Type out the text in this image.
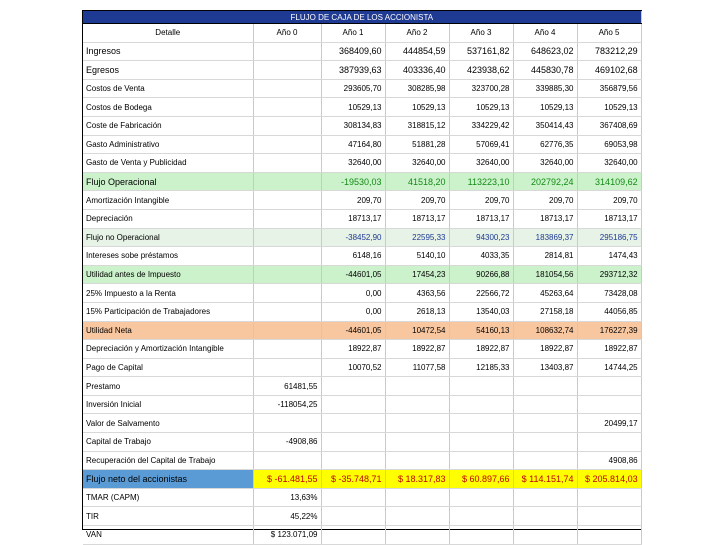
FLUJO DE CAJA DE LOS ACCIONISTA						
Detalle	Año 0	Año 1	Año 2	Año 3	Año 4	Año 5
Ingresos		368409,60	444854,59	537161,82	648623,02	783212,29
Egresos		387939,63	403336,40	423938,62	445830,78	469102,68
Costos de Venta		293605,70	308285,98	323700,28	339885,30	356879,56
Costos de Bodega		10529,13	10529,13	10529,13	10529,13	10529,13
Coste de Fabricación		308134,83	318815,12	334229,42	350414,43	367408,69
Gasto Administrativo		47164,80	51881,28	57069,41	62776,35	69053,98
Gasto de Venta y Publicidad		32640,00	32640,00	32640,00	32640,00	32640,00
Flujo Operacional		-19530,03	41518,20	113223,10	202792,24	314109,62
Amortización Intangible		209,70	209,70	209,70	209,70	209,70
Depreciación		18713,17	18713,17	18713,17	18713,17	18713,17
Flujo no Operacional		-38452,90	22595,33	94300,23	183869,37	295186,75
Intereses sobe préstamos		6148,16	5140,10	4033,35	2814,81	1474,43
Utilidad antes de Impuesto		-44601,05	17454,23	90266,88	181054,56	293712,32
25% Impuesto a la Renta		0,00	4363,56	22566,72	45263,64	73428,08
15% Participación de Trabajadores		0,00	2618,13	13540,03	27158,18	44056,85
Utilidad Neta		-44601,05	10472,54	54160,13	108632,74	176227,39
Depreciación y Amortización Intangible		18922,87	18922,87	18922,87	18922,87	18922,87
Pago de Capital		10070,52	11077,58	12185,33	13403,87	14744,25
Prestamo	61481,55					
Inversión Inicial	-118054,25					
Valor de Salvamento						20499,17
Capital de Trabajo	-4908,86					
Recuperación del Capital de Trabajo						4908,86
Flujo neto del accionistas	$ -61.481,55	$ -35.748,71	$ 18.317,83	$ 60.897,66	$ 114.151,74	$ 205.814,03
TMAR (CAPM)	13,63%					
TIR	45,22%					
VAN	$ 123.071,09					
